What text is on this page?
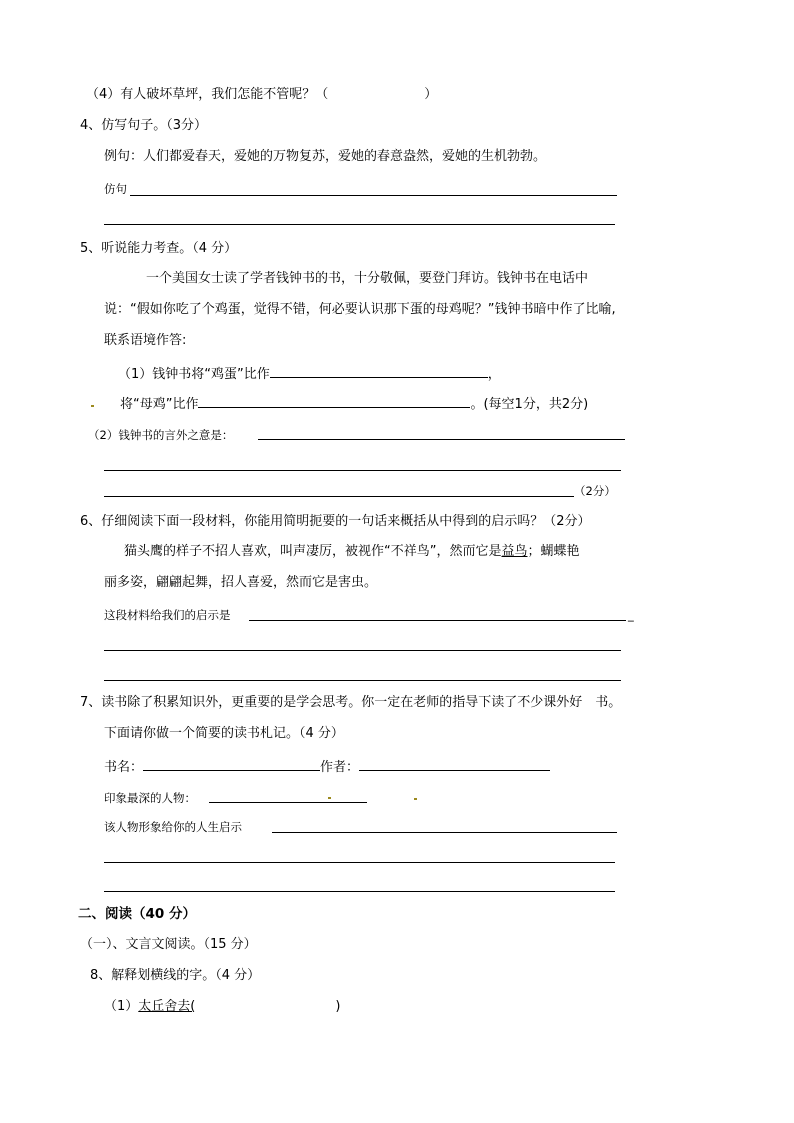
（4）有人破坏草坪，我们怎能不管呢？（	）
4、仿写句子。（3分）
例句：人们都爱春天，爱她的万物复苏，爱她的春意盎然，爱她的生机勃勃。
仿句
5、听说能力考查。（4 分）
一个美国女士读了学者钱钟书的书，十分敬佩，要登门拜访。钱钟书在电话中
说：“假如你吃了个鸡蛋，觉得不错，何必要认识那下蛋的母鸡呢？”钱钟书暗中作了比喻,
联系语境作答:
（1）钱钟书将“鸡蛋”比作	，
将“母鸡”比作	。(每空1分，共2分)
（2）钱钟书的言外之意是：
（2分）
6、仔细阅读下面一段材料，你能用简明扼要的一句话来概括从中得到的启示吗？（2分）
猫头鹰的样子不招人喜欢，叫声凄厉，被视作“不祥鸟”，然而它是益鸟；蝴蝶艳
丽多姿，翩翩起舞，招人喜爱，然而它是害虫。
这段材料给我们的启示是	_
7、读书除了积累知识外，更重要的是学会思考。你一定在老师的指导下读了不少课外好　书。
下面请你做一个简要的读书札记。（4 分）
书名：	作者：
印象最深的人物：
该人物形象给你的人生启示
二、阅读（40 分）
（一）、文言文阅读。（15 分）
8、解释划横线的字。（4 分）
（1）太丘舍去(	)
